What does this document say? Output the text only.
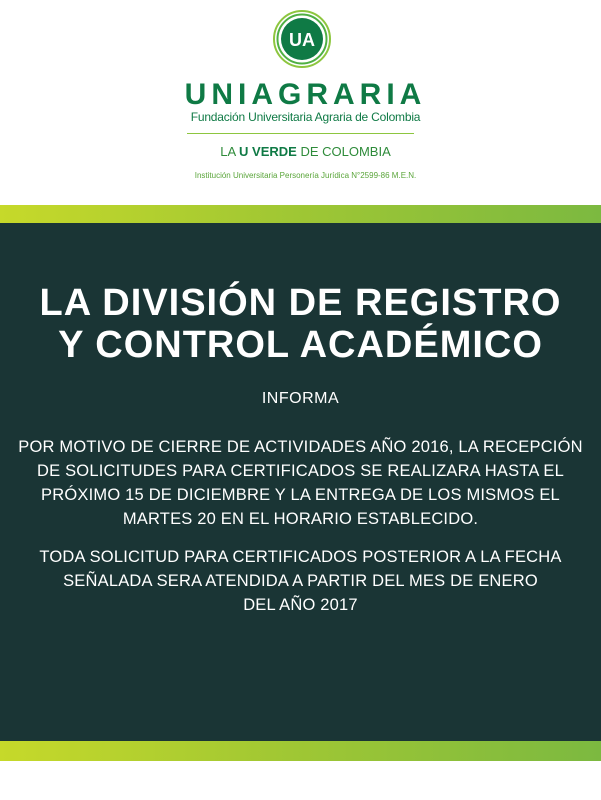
UA
UNIAGRARIA
Fundación Universitaria Agraria de Colombia
LA U VERDE DE COLOMBIA
Institución Universitaria Personería Jurídica N°2599-86 M.E.N.
LA DIVISIÓN DE REGISTRO
Y CONTROL ACADÉMICO
INFORMA
POR MOTIVO DE CIERRE DE ACTIVIDADES AÑO 2016, LA RECEPCIÓN
DE SOLICITUDES PARA CERTIFICADOS SE REALIZARA HASTA EL
PRÓXIMO 15 DE DICIEMBRE Y LA ENTREGA DE LOS MISMOS EL
MARTES 20 EN EL HORARIO ESTABLECIDO.
TODA SOLICITUD PARA CERTIFICADOS POSTERIOR A LA FECHA
SEÑALADA SERA ATENDIDA A PARTIR DEL MES DE ENERO
DEL AÑO 2017
